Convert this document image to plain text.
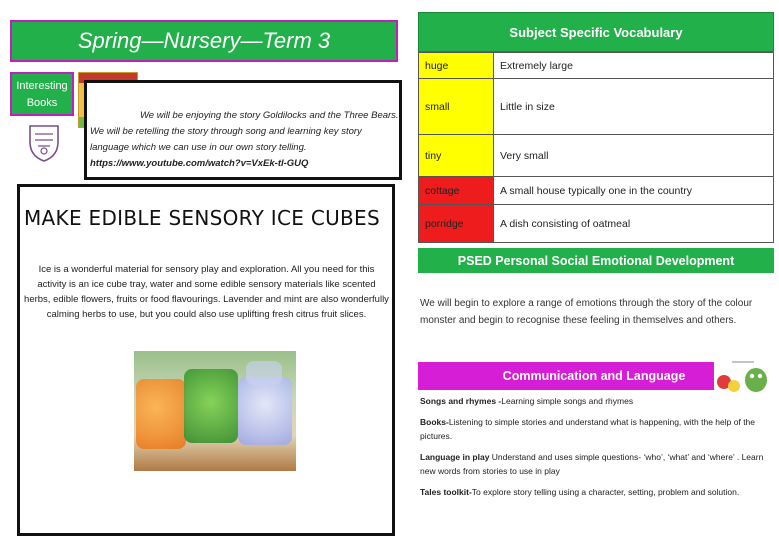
Spring—Nursery—Term 3
Interesting Books
We will be enjoying the story Goldilocks and the Three Bears. We will be retelling the story through song and learning key story language which we can use in our own story telling. https://www.youtube.com/watch?v=VxEk-tl-GUQ
MAKE EDIBLE SENSORY ICE CUBES
Ice is a wonderful material for sensory play and exploration. All you need for this activity is an ice cube tray, water and some edible sensory materials like scented herbs, edible flowers, fruits or food flavourings. Lavender and mint are also wonderfully calming herbs to use, but you could also use uplifting fresh citrus fruit slices.
Subject Specific Vocabulary
huge	Extremely large
small	Little in size
tiny	Very small
cottage	A small house typically one in the country
porridge	A dish consisting of oatmeal
PSED Personal Social Emotional Development
We will begin to explore a range of emotions through the story of the colour monster and begin to recognise these feeling in themselves and others.
Communication and Language

Songs and rhymes -Learning simple songs and rhymes

Books-Listening to simple stories and understand what is happening, with the help of the pictures.

Language in play Understand and uses simple questions- ‘who’, ‘what’ and ‘where’ . Learn new words from stories to use in play

Tales toolkit-To explore story telling using a character, setting, problem and solution.
